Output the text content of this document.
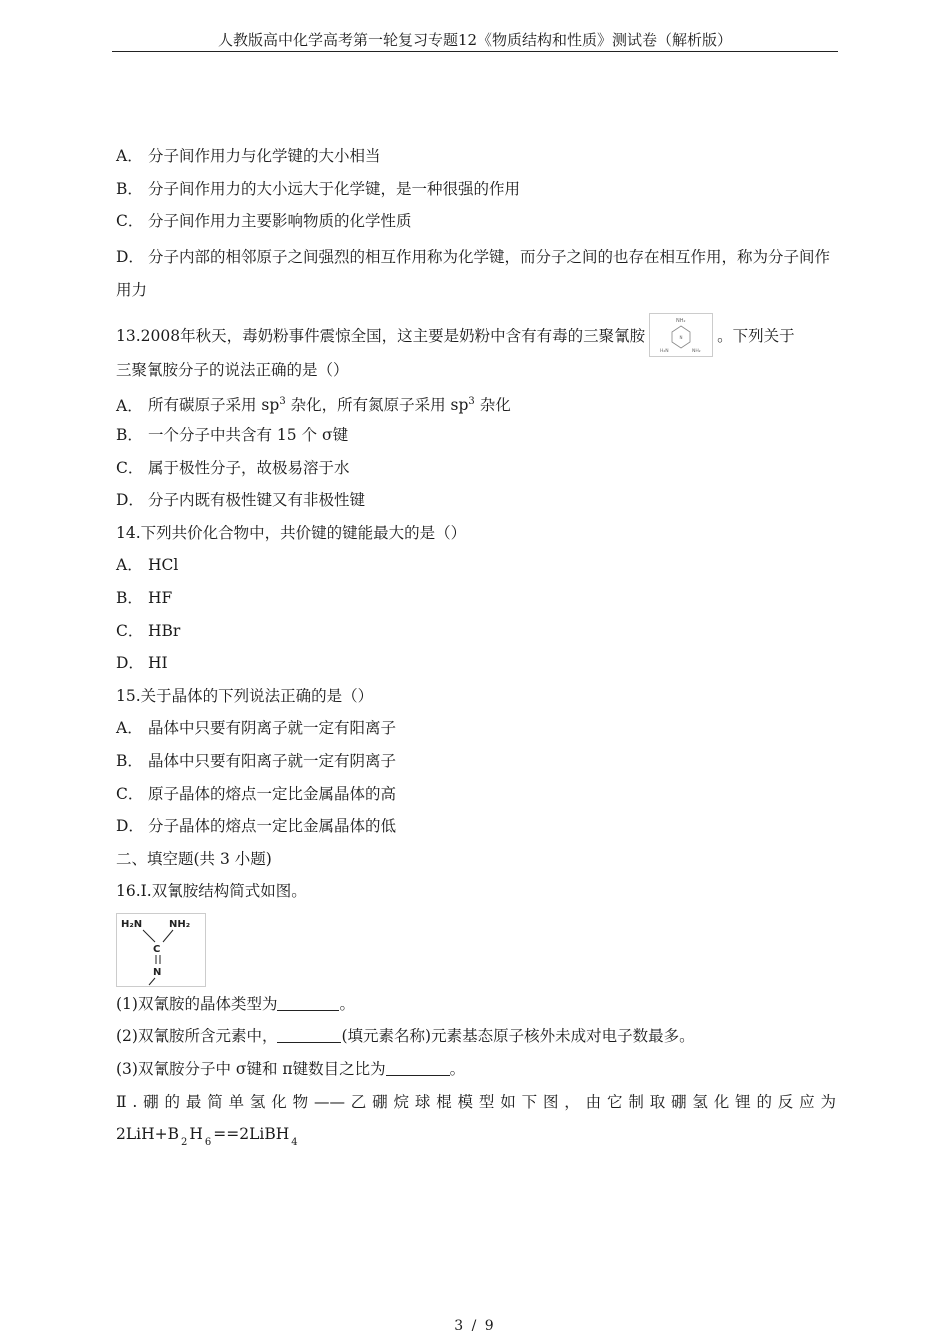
人教版高中化学高考第一轮复习专题12《物质结构和性质》测试卷（解析版）
A． 分子间作用力与化学键的大小相当
B． 分子间作用力的大小远大于化学键，是一种很强的作用
C． 分子间作用力主要影响物质的化学性质
D． 分子内部的相邻原子之间强烈的相互作用称为化学键，而分子之间的也存在相互作用，称为分子间作用力
13.2008年秋天，毒奶粉事件震惊全国，这主要是奶粉中含有有毒的三聚氰胺
NH₂
N
H₂N	NH₂
。下列关于
三聚氰胺分子的说法正确的是（）
A． 所有碳原子采用 $sp^3$ 杂化，所有氮原子采用 $sp^3$ 杂化
B． 一个分子中共含有 15 个 σ键
C． 属于极性分子，故极易溶于水
D． 分子内既有极性键又有非极性键
14.下列共价化合物中，共价键的键能最大的是（）
A． HCl
B． HF
C． HBr
D． HI
15.关于晶体的下列说法正确的是（）
A． 晶体中只要有阴离子就一定有阳离子
B． 晶体中只要有阳离子就一定有阴离子
C． 原子晶体的熔点一定比金属晶体的高
D． 分子晶体的熔点一定比金属晶体的低
二、填空题(共 3 小题)
16.Ⅰ.双氰胺结构简式如图。
H₂N	NH₂
C
N
(1)双氰胺的晶体类型为	。
(2)双氰胺所含元素中，	(填元素名称)元素基态原子核外未成对电子数最多。
(3)双氰胺分子中 σ键和 π键数目之比为	。
Ⅱ.硼的最简单氢化物——乙硼烷球棍模型如下图，由它制取硼氢化锂的反应为
2LiH+B $_2$ H $_6$ ==2LiBH $_4$
3 / 9
